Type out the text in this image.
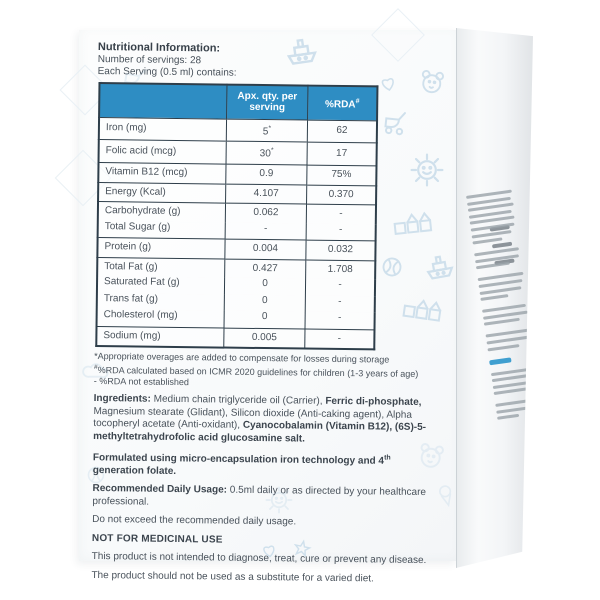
Nutritional Information:
Number of servings: 28
Each Serving (0.5 ml) contains:
	Apx. qty. per serving	%RDA#
Iron (mg)	5*	62
Folic acid (mcg)	30*	17
Vitamin B12 (mcg)	0.9	75%
Energy (Kcal)	4.107	0.370
Carbohydrate (g)	0.062	-
Total Sugar (g)	-	-
Protein (g)	0.004	0.032
Total Fat (g)	0.427	1.708
Saturated Fat (g)	0	-
Trans fat (g)	0	-
Cholesterol (mg)	0	-
Sodium (mg)	0.005	-
*Appropriate overages are added to compensate for losses during storage
#%RDA calculated based on ICMR 2020 guidelines for children (1-3 years of age)
- %RDA not established

Ingredients: Medium chain triglyceride oil (Carrier), Ferric di-phosphate, Magnesium stearate (Glidant), Silicon dioxide (Anti-caking agent), Alpha tocopheryl acetate (Anti-oxidant), Cyanocobalamin (Vitamin B12), (6S)-5-methyltetrahydrofolic acid glucosamine salt.

Formulated using micro-encapsulation iron technology and 4th generation folate.

Recommended Daily Usage: 0.5ml daily or as directed by your healthcare professional.

Do not exceed the recommended daily usage.

NOT FOR MEDICINAL USE

This product is not intended to diagnose, treat, cure or prevent any disease.

The product should not be used as a substitute for a varied diet.
